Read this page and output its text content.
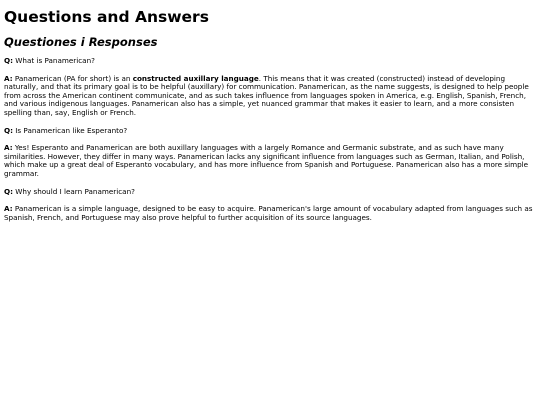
Questions and Answers
Questiones i Responses

Q: What is Panamerican?

A: Panamerican (PA for short) is an constructed auxillary language. This means that it was created (constructed) instead of developing naturally, and that its primary goal is to be helpful (auxillary) for communication. Panamerican, as the name suggests, is designed to help people from across the American continent communicate, and as such takes influence from languages spoken in America, e.g. English, Spanish, French, and various indigenous languages. Panamerican also has a simple, yet nuanced grammar that makes it easier to learn, and a more consisten spelling than, say, English or French.

Q: Is Panamerican like Esperanto?

A: Yes! Esperanto and Panamerican are both auxillary languages with a largely Romance and Germanic substrate, and as such have many similarities. However, they differ in many ways. Panamerican lacks any significant influence from languages such as German, Italian, and Polish, which make up a great deal of Esperanto vocabulary, and has more influence from Spanish and Portuguese. Panamerican also has a more simple grammar.

Q: Why should I learn Panamerican?

A: Panamerican is a simple language, designed to be easy to acquire. Panamerican's large amount of vocabulary adapted from languages such as Spanish, French, and Portuguese may also prove helpful to further acquisition of its source languages.
